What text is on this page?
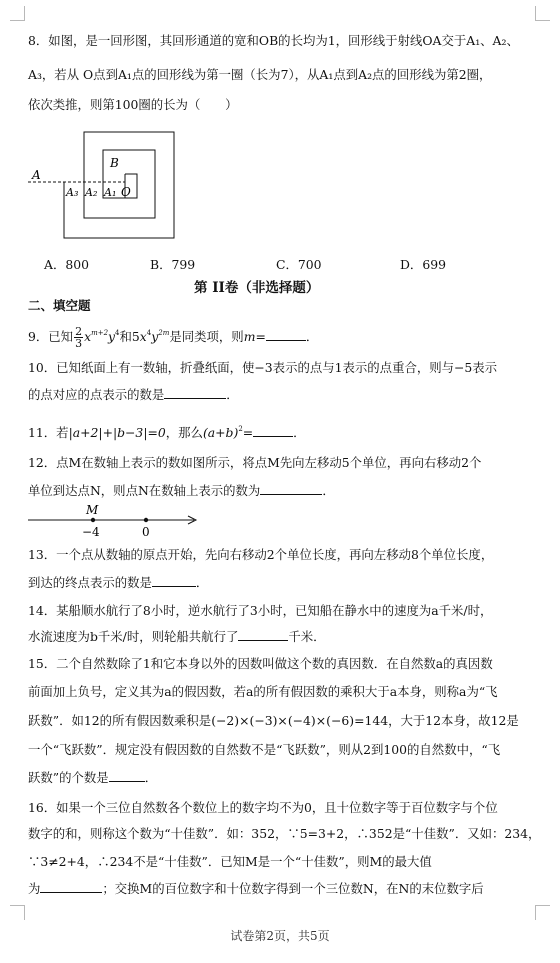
8．如图，是一回形图，其回形通道的宽和OB的长均为1，回形线于射线OA交于A₁、A₂、
A₃，若从 O点到A₁点的回形线为第一圈（长为7），从A₁点到A₂点的回形线为第2圈，
依次类推，则第100圈的长为（　　）
B
A
A₃ A₂ A₁ O
A．800	B．799	C．700	D．699
第 II卷（非选择题）
二、填空题
9．已知 $\frac{2}{3} x^{m+2}y^4$和$5x^4y^{2m}$是同类项，则m=	．
10．已知纸面上有一数轴，折叠纸面，使−3表示的点与1表示的点重合，则与−5表示
的点对应的点表示的数是	．
11．若|a+2|+|b−3|=0，那么$(a+b)^2=$	．
12．点M在数轴上表示的数如图所示，将点M先向左移动5个单位，再向右移动2个
单位到达点N，则点N在数轴上表示的数为	．
M
−4	0
13．一个点从数轴的原点开始，先向右移动2个单位长度，再向左移动8个单位长度，
到达的终点表示的数是	．
14．某船顺水航行了8小时，逆水航行了3小时，已知船在静水中的速度为a千米/时，
水流速度为b千米/时，则轮船共航行了	千米．
15．二个自然数除了1和它本身以外的因数叫做这个数的真因数．在自然数a的真因数
前面加上负号，定义其为a的假因数，若a的所有假因数的乘积大于a本身，则称a为“飞
跃数”．如12的所有假因数乘积是(−2)×(−3)×(−4)×(−6)=144，大于12本身，故12是
一个“飞跃数”．规定没有假因数的自然数不是“飞跃数”，则从2到100的自然数中，“飞
跃数”的个数是	．
16．如果一个三位自然数各个数位上的数字均不为0，且十位数字等于百位数字与个位
数字的和，则称这个数为“十佳数”．如：352，∵5=3+2，∴352是“十佳数”．又如：234，
∵3≠2+4，∴234不是“十佳数”．已知M是一个“十佳数”，则M的最大值
为	；交换M的百位数字和十位数字得到一个三位数N，在N的末位数字后
试卷第2页，共5页
